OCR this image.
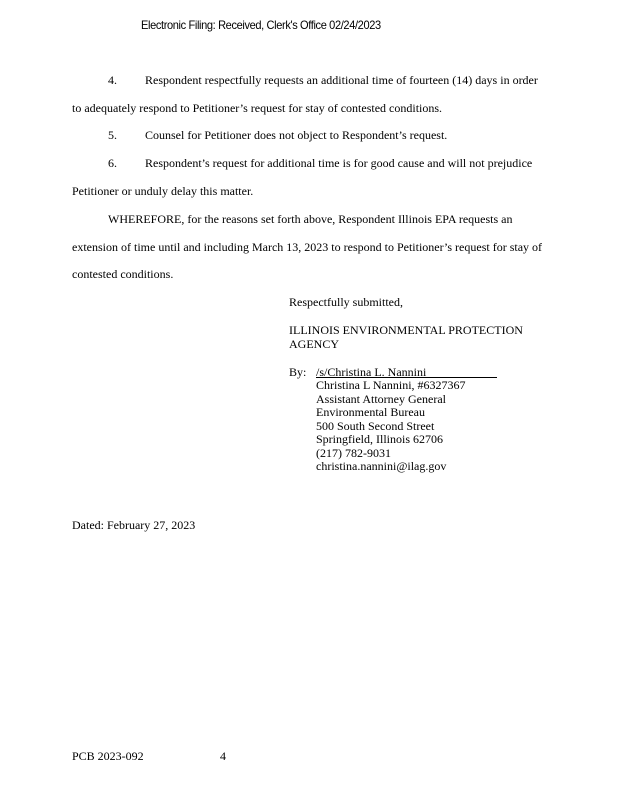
Electronic Filing: Received, Clerk's Office 02/24/2023
4. Respondent respectfully requests an additional time of fourteen (14) days in order
to adequately respond to Petitioner’s request for stay of contested conditions.
5. Counsel for Petitioner does not object to Respondent’s request.
6. Respondent’s request for additional time is for good cause and will not prejudice
Petitioner or unduly delay this matter.
WHEREFORE, for the reasons set forth above, Respondent Illinois EPA requests an
extension of time until and including March 13, 2023 to respond to Petitioner’s request for stay of
contested conditions.
Respectfully submitted,
ILLINOIS ENVIRONMENTAL PROTECTION
AGENCY
By: /s/Christina L. Nannini
Christina L Nannini, #6327367
Assistant Attorney General
Environmental Bureau
500 South Second Street
Springfield, Illinois 62706
(217) 782-9031
christina.nannini@ilag.gov
Dated: February 27, 2023
PCB 2023-092	4
